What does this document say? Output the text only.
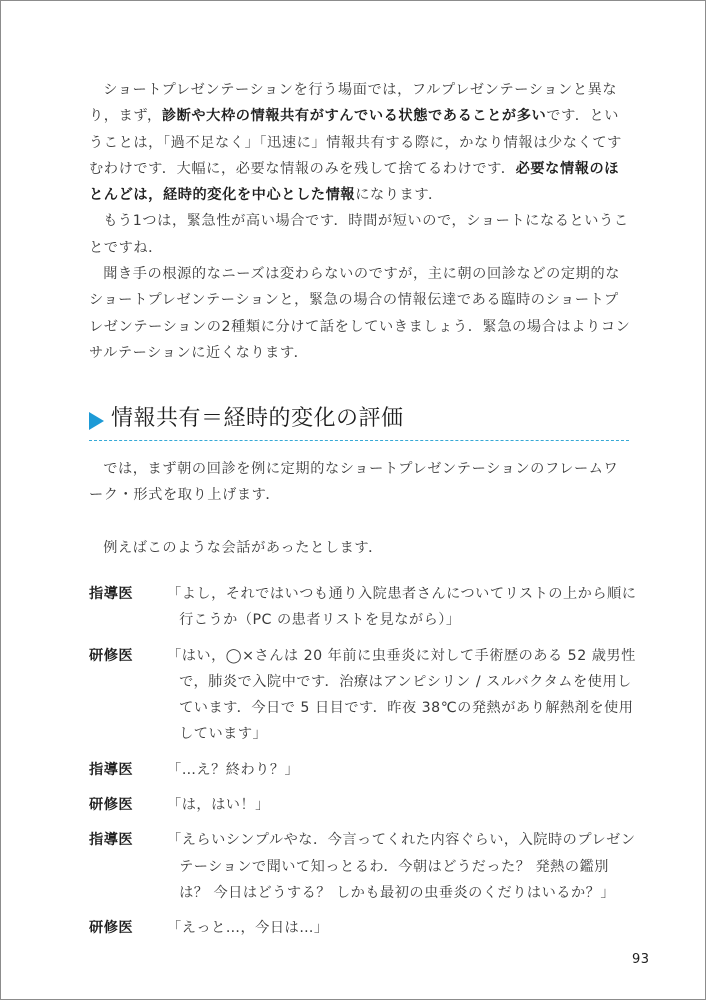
ショートプレゼンテーションを行う場面では，フルプレゼンテーションと異なり，まず，診断や大枠の情報共有がすんでいる状態であることが多いです．ということは，「過不足なく」「迅速に」情報共有する際に，かなり情報は少なくてすむわけです．大幅に，必要な情報のみを残して捨てるわけです．必要な情報のほとんどは，経時的変化を中心とした情報になります．

もう1つは，緊急性が高い場合です．時間が短いので，ショートになるということですね．

聞き手の根源的なニーズは変わらないのですが，主に朝の回診などの定期的なショートプレゼンテーションと，緊急の場合の情報伝達である臨時のショートプレゼンテーションの2種類に分けて話をしていきましょう．緊急の場合はよりコンサルテーションに近くなります．

情報共有＝経時的変化の評価

では，まず朝の回診を例に定期的なショートプレゼンテーションのフレームワーク・形式を取り上げます．

例えばこのような会話があったとします．

指導医	「よし，それではいつも通り入院患者さんについてリストの上から順に行こうか（PC の患者リストを見ながら）」
研修医	「はい，◯×さんは 20 年前に虫垂炎に対して手術歴のある 52 歳男性で，肺炎で入院中です．治療はアンピシリン / スルバクタムを使用しています．今日で 5 日目です．昨夜 38℃の発熱があり解熱剤を使用しています」
指導医	「…え？終わり？」
研修医	「は，はい！」
指導医	「えらいシンプルやな．今言ってくれた内容ぐらい，入院時のプレゼンテーションで聞いて知っとるわ．今朝はどうだった？ 発熱の鑑別は？ 今日はどうする？ しかも最初の虫垂炎のくだりはいるか？」
研修医	「えっと…，今日は…」
93
